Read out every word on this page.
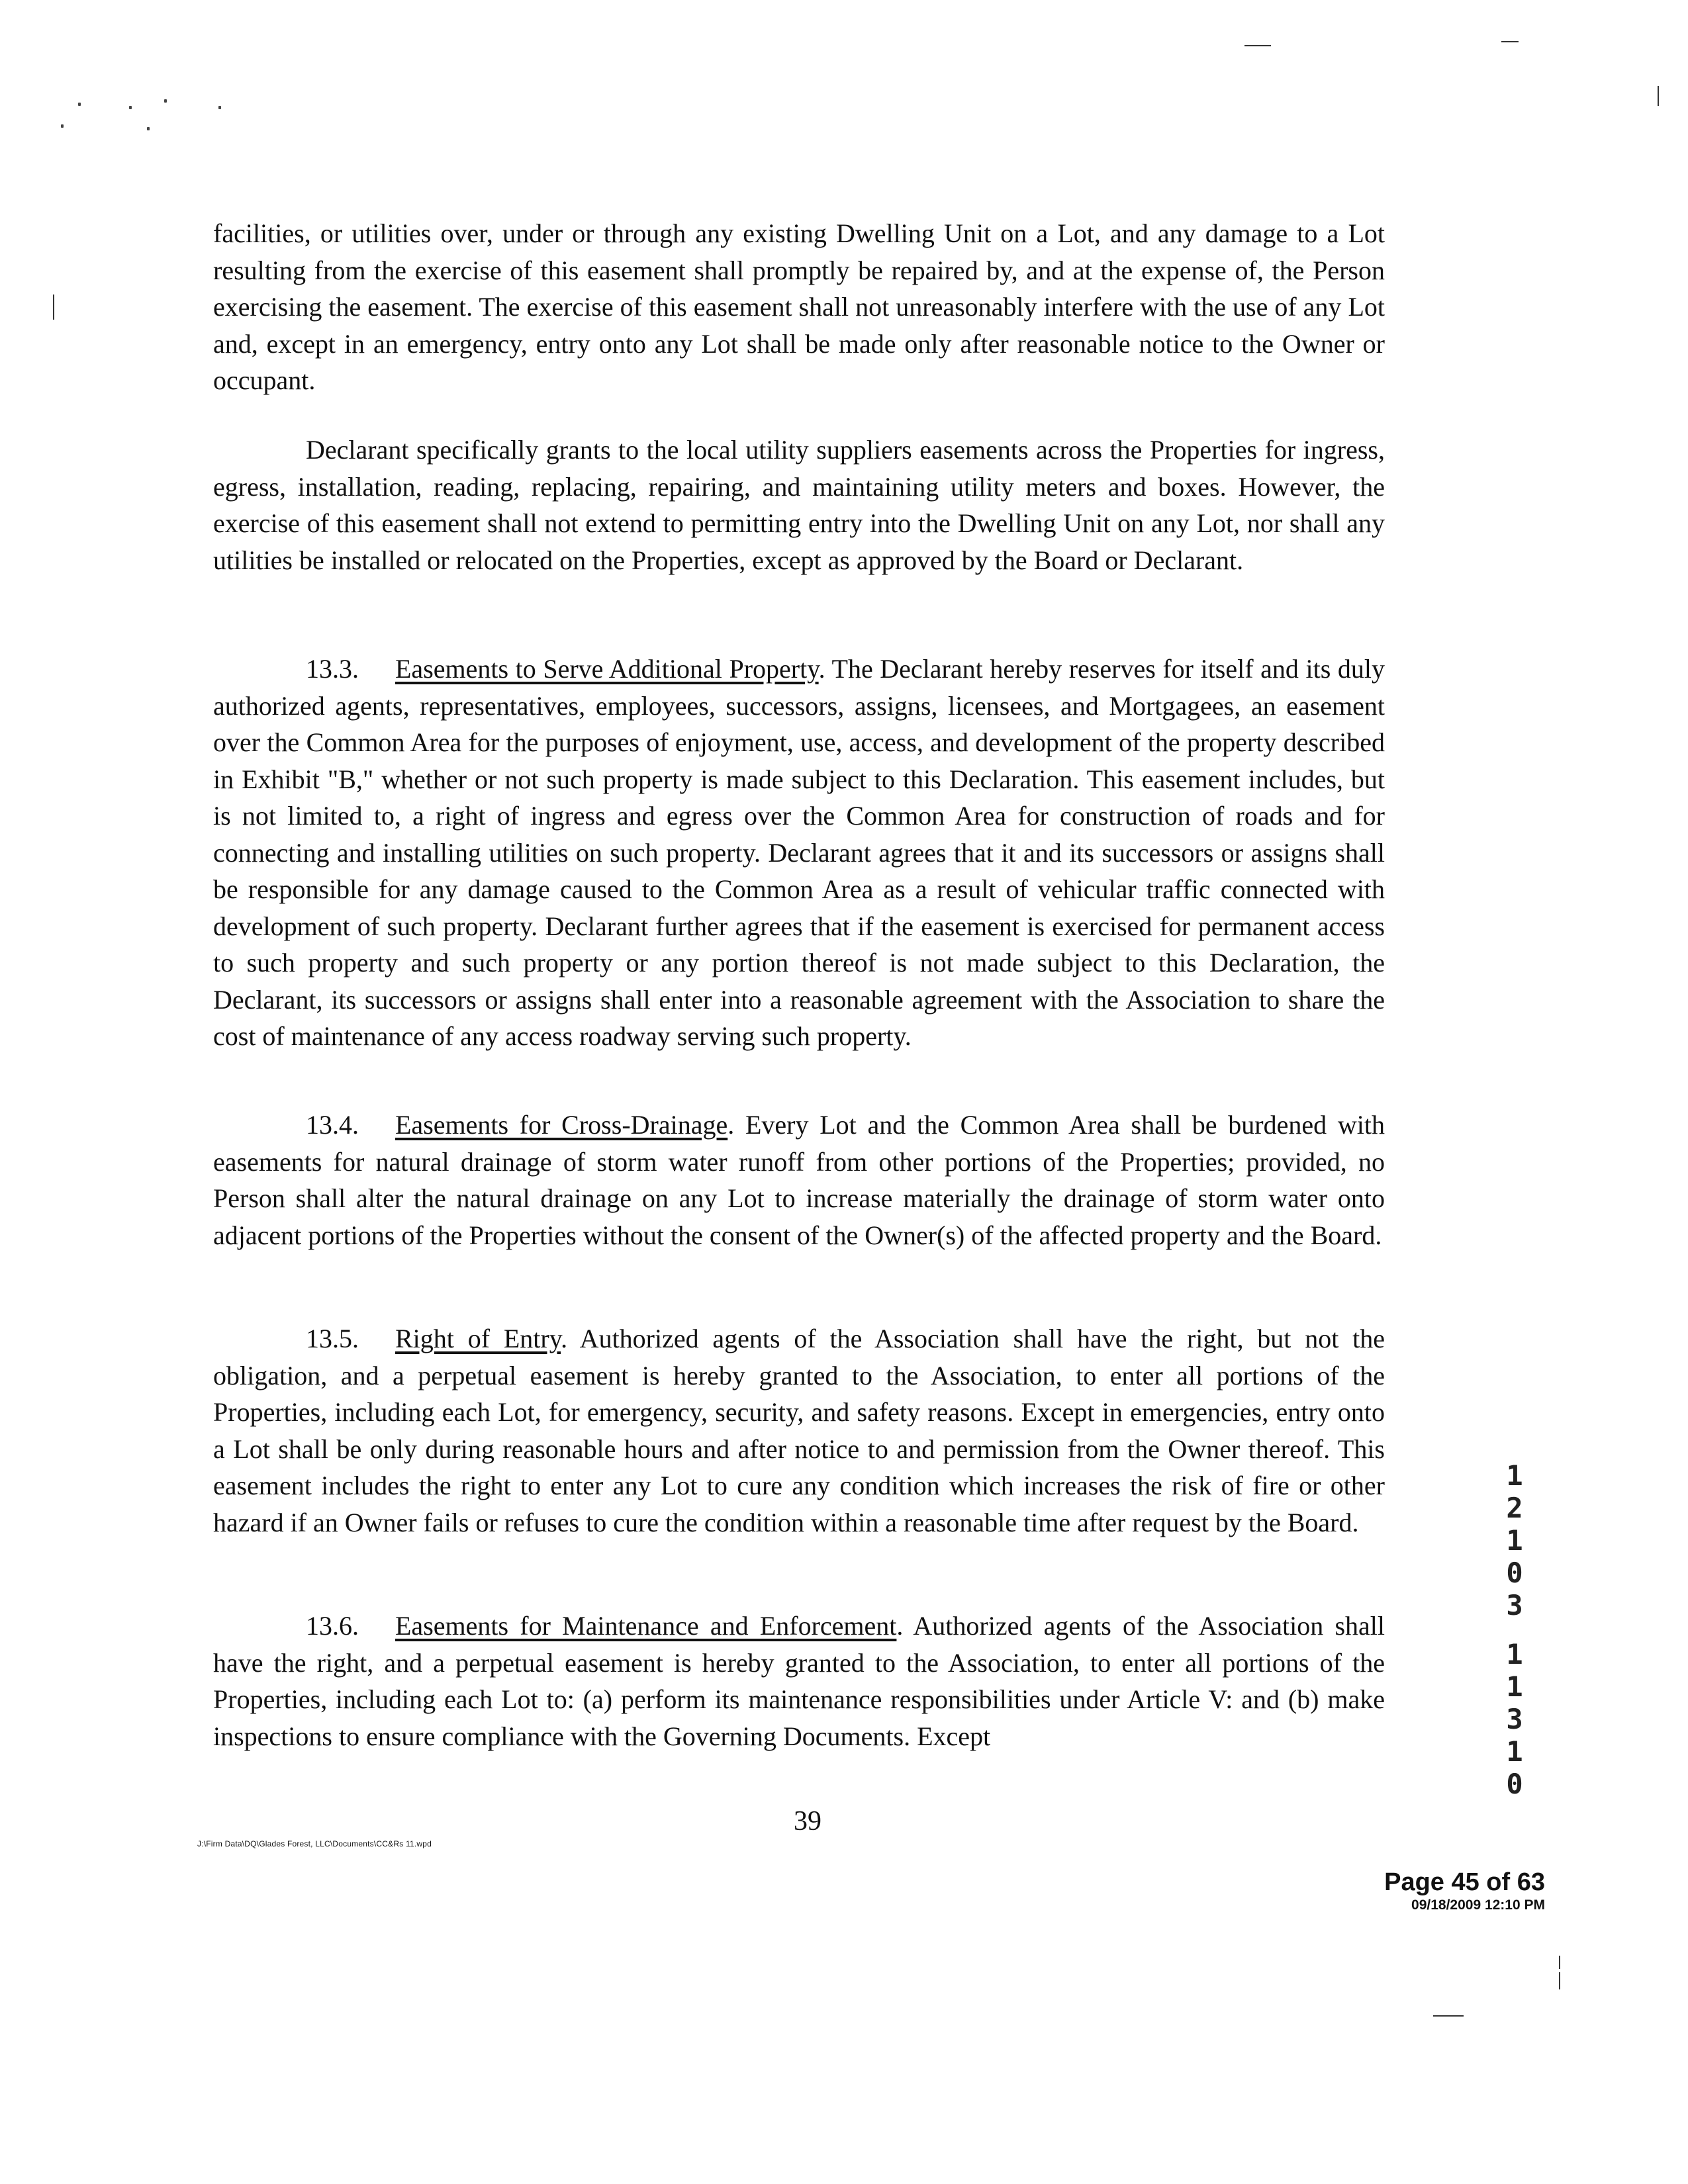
facilities, or utilities over, under or through any existing Dwelling Unit on a Lot, and any damage to a Lot resulting from the exercise of this easement shall promptly be repaired by, and at the expense of, the Person exercising the easement. The exercise of this easement shall not unreasonably interfere with the use of any Lot and, except in an emergency, entry onto any Lot shall be made only after reasonable notice to the Owner or occupant.

Declarant specifically grants to the local utility suppliers easements across the Properties for ingress, egress, installation, reading, replacing, repairing, and maintaining utility meters and boxes. However, the exercise of this easement shall not extend to permitting entry into the Dwelling Unit on any Lot, nor shall any utilities be installed or relocated on the Properties, except as approved by the Board or Declarant.

13.3. Easements to Serve Additional Property. The Declarant hereby reserves for itself and its duly authorized agents, representatives, employees, successors, assigns, licensees, and Mortgagees, an easement over the Common Area for the purposes of enjoyment, use, access, and development of the property described in Exhibit "B," whether or not such property is made subject to this Declaration. This easement includes, but is not limited to, a right of ingress and egress over the Common Area for construction of roads and for connecting and installing utilities on such property. Declarant agrees that it and its successors or assigns shall be responsible for any damage caused to the Common Area as a result of vehicular traffic connected with development of such property. Declarant further agrees that if the easement is exercised for permanent access to such property and such property or any portion thereof is not made subject to this Declaration, the Declarant, its successors or assigns shall enter into a reasonable agreement with the Association to share the cost of maintenance of any access roadway serving such property.

13.4. Easements for Cross-Drainage. Every Lot and the Common Area shall be burdened with easements for natural drainage of storm water runoff from other portions of the Properties; provided, no Person shall alter the natural drainage on any Lot to increase materially the drainage of storm water onto adjacent portions of the Properties without the consent of the Owner(s) of the affected property and the Board.

13.5. Right of Entry. Authorized agents of the Association shall have the right, but not the obligation, and a perpetual easement is hereby granted to the Association, to enter all portions of the Properties, including each Lot, for emergency, security, and safety reasons. Except in emergencies, entry onto a Lot shall be only during reasonable hours and after notice to and permission from the Owner thereof. This easement includes the right to enter any Lot to cure any condition which increases the risk of fire or other hazard if an Owner fails or refuses to cure the condition within a reasonable time after request by the Board.

13.6. Easements for Maintenance and Enforcement. Authorized agents of the Association shall have the right, and a perpetual easement is hereby granted to the Association, to enter all portions of the Properties, including each Lot to: (a) perform its maintenance responsibilities under Article V: and (b) make inspections to ensure compliance with the Governing Documents. Except

1
2
1
0
3
1
1
3
1
0
J:\Firm Data\DQ\Glades Forest, LLC\Documents\CC&Rs 11.wpd
39
Page 45 of 63
09/18/2009 12:10 PM
